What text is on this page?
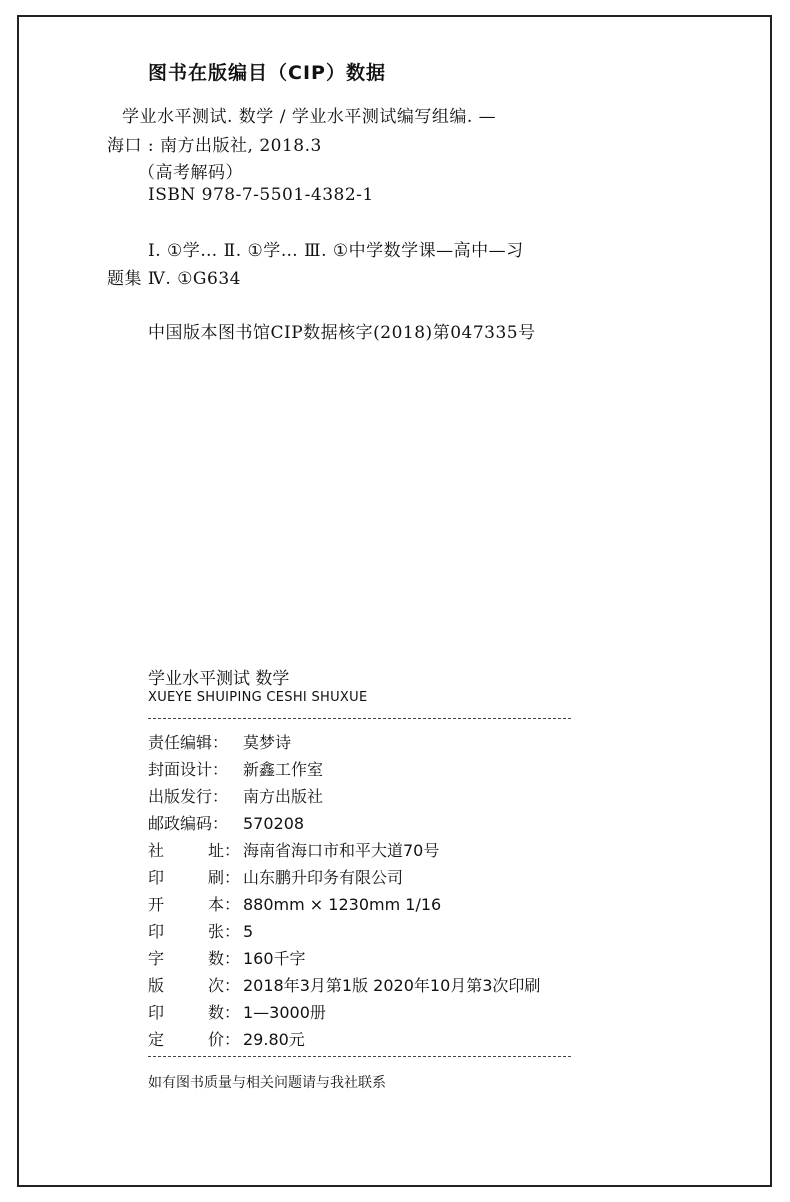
图书在版编目（CIP）数据
学业水平测试. 数学 / 学业水平测试编写组编. —
海口 : 南方出版社, 2018.3
（高考解码）
ISBN 978-7-5501-4382-1
Ⅰ. ①学… Ⅱ. ①学… Ⅲ. ①中学数学课—高中—习
题集 Ⅳ. ①G634
中国版本图书馆CIP数据核字(2018)第047335号
学业水平测试 数学
XUEYE SHUIPING CESHI SHUXUE
责任编辑： 莫梦诗
封面设计： 新鑫工作室
出版发行： 南方出版社
邮政编码： 570208
社	址： 海南省海口市和平大道70号
印	刷： 山东鹏升印务有限公司
开	本： 880mm × 1230mm 1/16
印	张： 5
字	数： 160千字
版	次： 2018年3月第1版 2020年10月第3次印刷
印	数： 1—3000册
定	价： 29.80元
如有图书质量与相关问题请与我社联系
